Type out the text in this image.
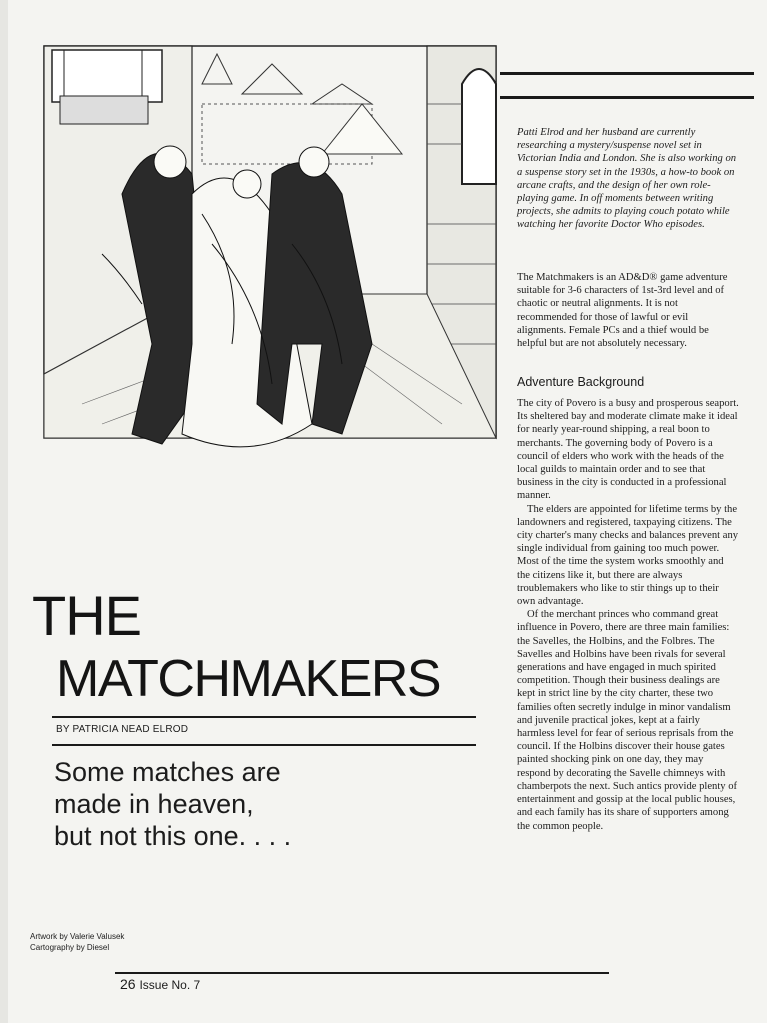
Patti Elrod and her husband are currently researching a mystery/suspense novel set in Victorian India and London. She is also working on a suspense story set in the 1930s, a how-to book on arcane crafts, and the design of her own role-playing game. In off moments between writing projects, she admits to playing couch potato while watching her favorite Doctor Who episodes.

The Matchmakers is an AD&D® game adventure suitable for 3-6 characters of 1st-3rd level and of chaotic or neutral alignments. It is not recommended for those of lawful or evil alignments. Female PCs and a thief would be helpful but are not absolutely necessary.

Adventure Background

The city of Povero is a busy and prosperous seaport. Its sheltered bay and moderate climate make it ideal for nearly year-round shipping, a real boon to merchants. The governing body of Povero is a council of elders who work with the heads of the local guilds to maintain order and to see that business in the city is conducted in a professional manner.

The elders are appointed for lifetime terms by the landowners and registered, taxpaying citizens. The city charter's many checks and balances prevent any single individual from gaining too much power. Most of the time the system works smoothly and the citizens like it, but there are always troublemakers who like to stir things up to their own advantage.

Of the merchant princes who command great influence in Povero, there are three main families: the Savelles, the Holbins, and the Folbres. The Savelles and Holbins have been rivals for several generations and have engaged in much spirited competition. Though their business dealings are kept in strict line by the city charter, these two families often secretly indulge in minor vandalism and juvenile practical jokes, kept at a fairly harmless level for fear of serious reprisals from the council. If the Holbins discover their house gates painted shocking pink on one day, they may respond by decorating the Savelle chimneys with chamberpots the next. Such antics provide plenty of entertainment and gossip at the local public houses, and each family has its share of supporters among the common people.

THE
MATCHMAKERS
BY PATRICIA NEAD ELROD
Some matches are
made in heaven,
but not this one. . . .
Artwork by Valerie Valusek
Cartography by Diesel
26 Issue No. 7
